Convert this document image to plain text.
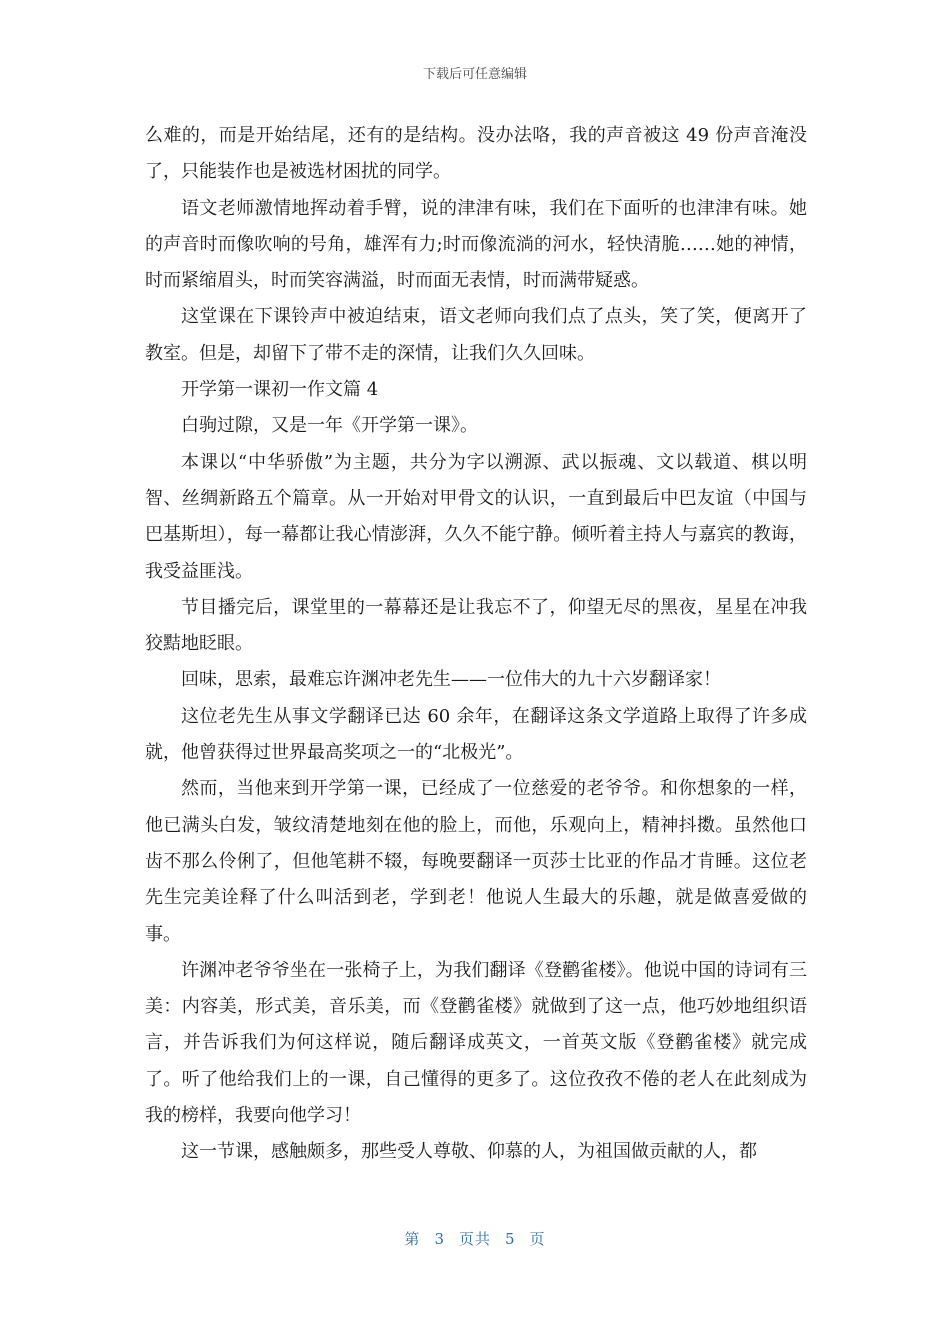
下载后可任意编辑

么难的，而是开始结尾，还有的是结构。没办法咯，我的声音被这 49 份声音淹没了，只能装作也是被选材困扰的同学。

语文老师激情地挥动着手臂，说的津津有味，我们在下面听的也津津有味。她的声音时而像吹响的号角，雄浑有力;时而像流淌的河水，轻快清脆……她的神情，时而紧缩眉头，时而笑容满溢，时而面无表情，时而满带疑惑。

这堂课在下课铃声中被迫结束，语文老师向我们点了点头，笑了笑，便离开了教室。但是，却留下了带不走的深情，让我们久久回味。

开学第一课初一作文篇 4

白驹过隙，又是一年《开学第一课》。

本课以“中华骄傲”为主题，共分为字以溯源、武以振魂、文以载道、棋以明智、丝绸新路五个篇章。从一开始对甲骨文的认识，一直到最后中巴友谊（中国与巴基斯坦），每一幕都让我心情澎湃，久久不能宁静。倾听着主持人与嘉宾的教诲，我受益匪浅。

节目播完后，课堂里的一幕幕还是让我忘不了，仰望无尽的黑夜，星星在冲我狡黠地眨眼。

回味，思索，最难忘许渊冲老先生——一位伟大的九十六岁翻译家！

这位老先生从事文学翻译已达 60 余年，在翻译这条文学道路上取得了许多成就，他曾获得过世界最高奖项之一的“北极光”。

然而，当他来到开学第一课，已经成了一位慈爱的老爷爷。和你想象的一样，他已满头白发，皱纹清楚地刻在他的脸上，而他，乐观向上，精神抖擞。虽然他口齿不那么伶俐了，但他笔耕不辍，每晚要翻译一页莎士比亚的作品才肯睡。这位老先生完美诠释了什么叫活到老，学到老！他说人生最大的乐趣，就是做喜爱做的事。

许渊冲老爷爷坐在一张椅子上，为我们翻译《登鹳雀楼》。他说中国的诗词有三美：内容美，形式美，音乐美，而《登鹳雀楼》就做到了这一点，他巧妙地组织语言，并告诉我们为何这样说，随后翻译成英文，一首英文版《登鹳雀楼》就完成了。听了他给我们上的一课，自己懂得的更多了。这位孜孜不倦的老人在此刻成为我的榜样，我要向他学习！

这一节课，感触颇多，那些受人尊敬、仰慕的人，为祖国做贡献的人，都

第 3 页共 5 页
